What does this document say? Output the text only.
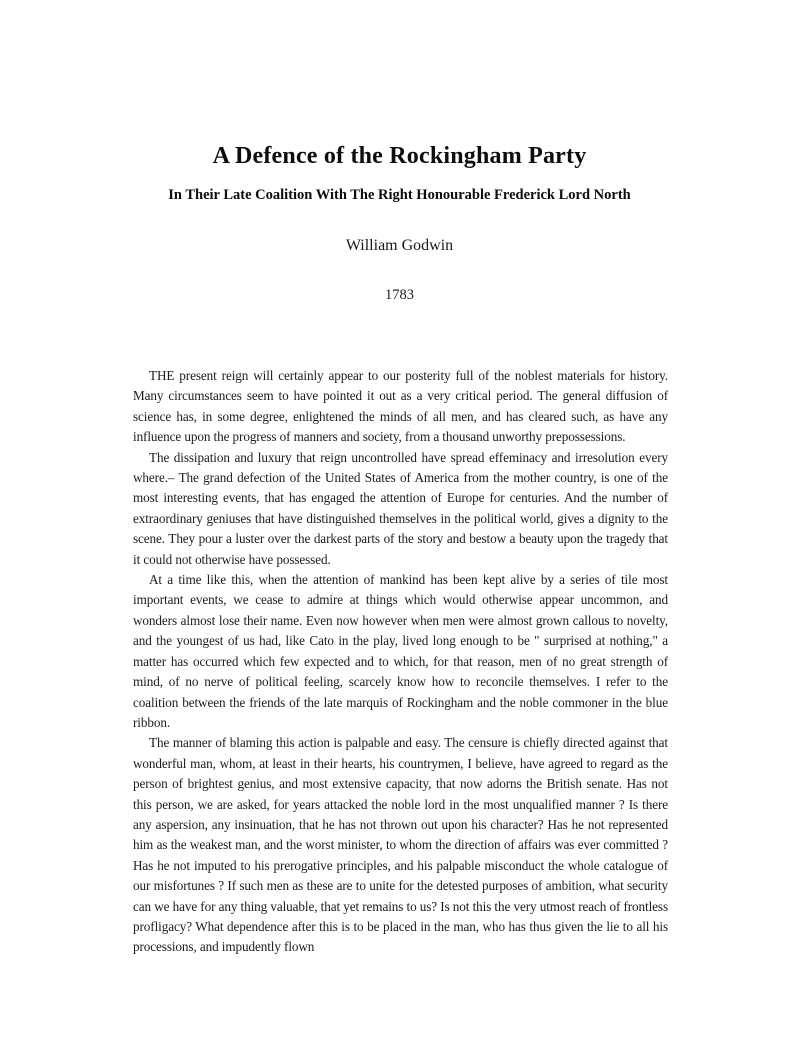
A Defence of the Rockingham Party
In Their Late Coalition With The Right Honourable Frederick Lord North
William Godwin
1783

THE present reign will certainly appear to our posterity full of the noblest materials for history. Many circumstances seem to have pointed it out as a very critical period. The general diffusion of science has, in some degree, enlightened the minds of all men, and has cleared such, as have any influence upon the progress of manners and society, from a thousand unworthy prepossessions.

The dissipation and luxury that reign uncontrolled have spread effeminacy and irresolution every where.– The grand defection of the United States of America from the mother country, is one of the most interesting events, that has engaged the attention of Europe for centuries. And the number of extraordinary geniuses that have distinguished themselves in the political world, gives a dignity to the scene. They pour a luster over the darkest parts of the story and bestow a beauty upon the tragedy that it could not otherwise have possessed.

At a time like this, when the attention of mankind has been kept alive by a series of tile most important events, we cease to admire at things which would otherwise appear uncommon, and wonders almost lose their name. Even now however when men were almost grown callous to novelty, and the youngest of us had, like Cato in the play, lived long enough to be " surprised at nothing," a matter has occurred which few expected and to which, for that reason, men of no great strength of mind, of no nerve of political feeling, scarcely know how to reconcile themselves. I refer to the coalition between the friends of the late marquis of Rockingham and the noble commoner in the blue ribbon.

The manner of blaming this action is palpable and easy. The censure is chiefly directed against that wonderful man, whom, at least in their hearts, his countrymen, I believe, have agreed to regard as the person of brightest genius, and most extensive capacity, that now adorns the British senate. Has not this person, we are asked, for years attacked the noble lord in the most unqualified manner ? Is there any aspersion, any insinuation, that he has not thrown out upon his character? Has he not represented him as the weakest man, and the worst minister, to whom the direction of affairs was ever committed ? Has he not imputed to his prerogative principles, and his palpable misconduct the whole catalogue of our misfortunes ? If such men as these are to unite for the detested purposes of ambition, what security can we have for any thing valuable, that yet remains to us? Is not this the very utmost reach of frontless profligacy? What dependence after this is to be placed in the man, who has thus given the lie to all his processions, and impudently flown
